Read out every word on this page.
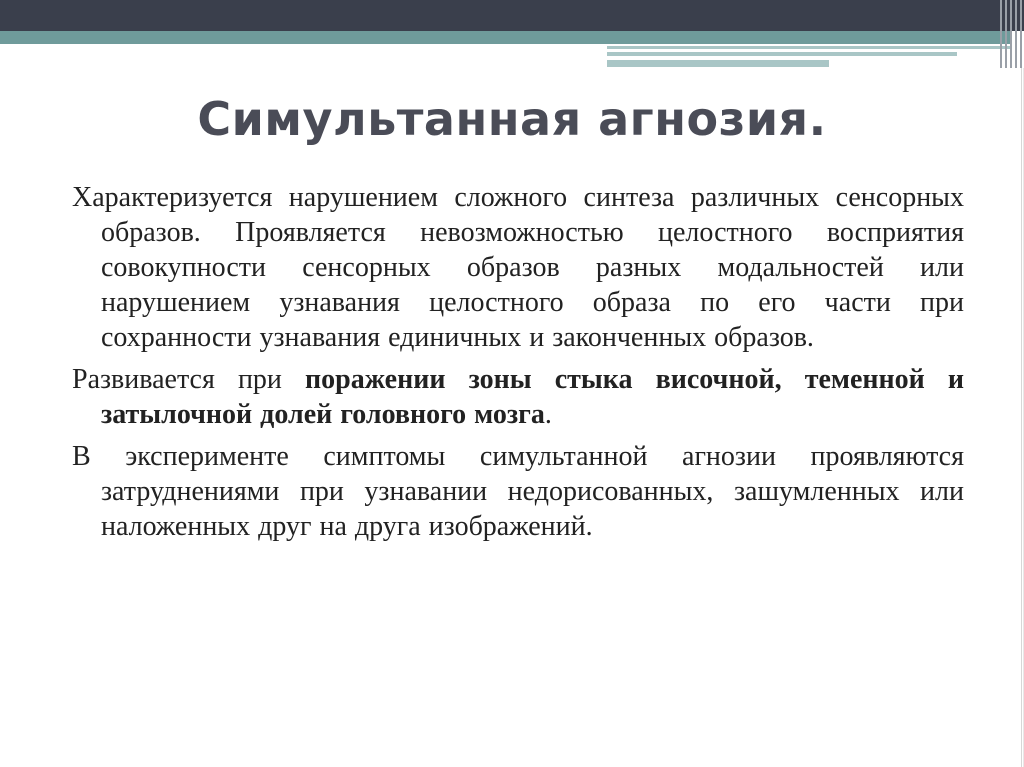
Симультанная агнозия.

Характеризуется нарушением сложного синтеза различных сенсорных образов. Проявляется невозможностью целостного восприятия совокупности сенсорных образов разных модальностей или нарушением узнавания целостного образа по его части при сохранности узнавания единичных и законченных образов.

Развивается при поражении зоны стыка височной, теменной и затылочной долей головного мозга.

В эксперименте симптомы симультанной агнозии проявляются затруднениями при узнавании недорисованных, зашумленных или наложенных друг на друга изображений.
